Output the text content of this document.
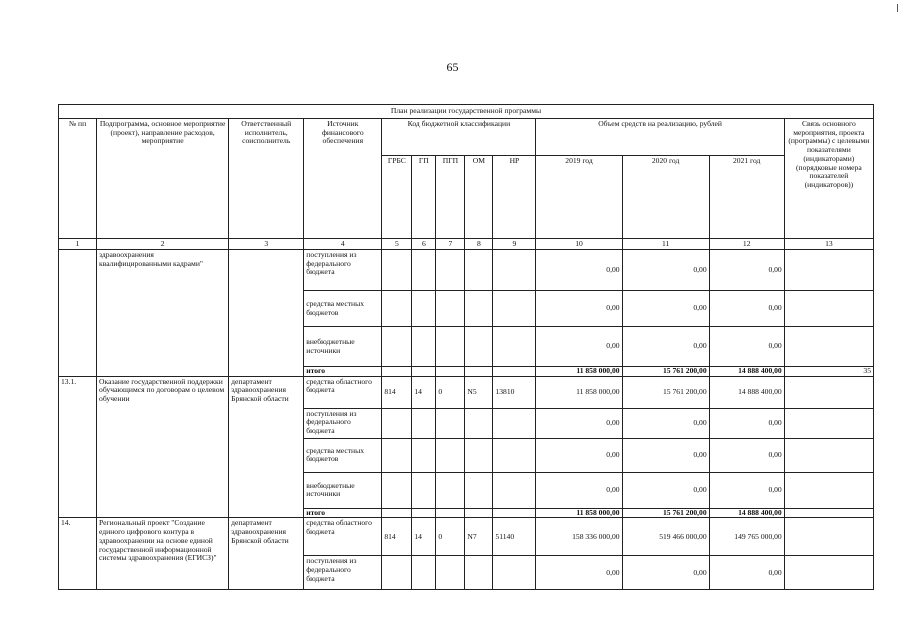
65
План реализации государственной программы												
№ пп	Подпрограмма, основное мероприятие (проект), направление расходов, мероприятие	Ответственный исполнитель, соисполнитель	Источник финансового обеспечения	Код бюджетной классификации					Объем средств на реализацию, рублей			Связь основного мероприятия, проекта (программы) с целевыми показателями (индикаторами) (порядковые номера показателей (индикаторов))
				ГРБС	ГП	ПГП	ОМ	НР	2019 год	2020 год	2021 год	
1	2	3	4	5	6	7	8	9	10	11	12	13
	здравоохранения квалифицированными кадрами"		поступления из федерального бюджета						0,00	0,00	0,00	
			средства местных бюджетов						0,00	0,00	0,00	
			внебюджетные источники						0,00	0,00	0,00	
			итого						11 858 000,00	15 761 200,00	14 888 400,00	35
13.1.	Оказание государственной поддержки обучающимся по договорам о целевом обучении	департамент здравоохранения Брянской области	средства областного бюджета	814	14	0	N5	13810	11 858 000,00	15 761 200,00	14 888 400,00	
			поступления из федерального бюджета						0,00	0,00	0,00	
			средства местных бюджетов						0,00	0,00	0,00	
			внебюджетные источники						0,00	0,00	0,00	
			итого						11 858 000,00	15 761 200,00	14 888 400,00	
14.	Региональный проект "Создание единого цифрового контура в здравоохранении на основе единой государственной информационной системы здравоохранения (ЕГИСЗ)"	департамент здравоохранения Брянской области	средства областного бюджета	814	14	0	N7	51140	158 336 000,00	519 466 000,00	149 765 000,00	
			поступления из федерального бюджета						0,00	0,00	0,00	
